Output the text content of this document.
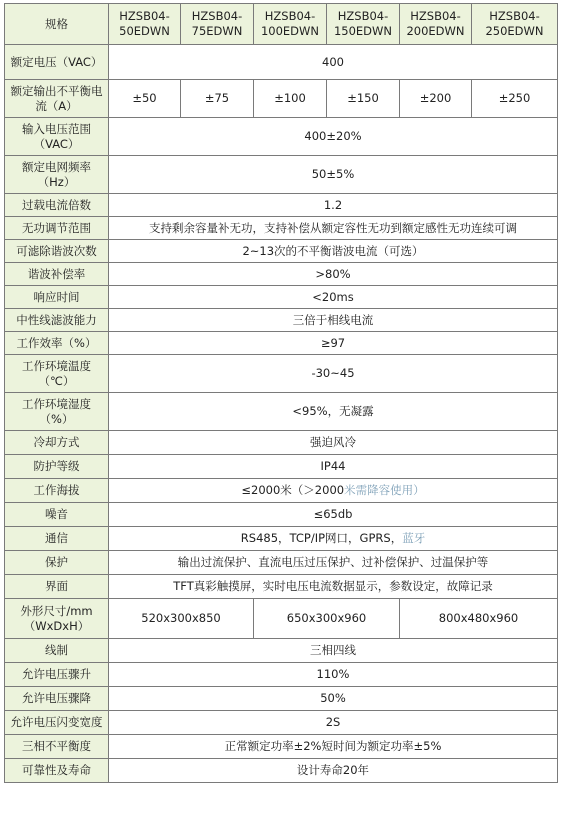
规格	HZSB04-50EDWN	HZSB04-75EDWN	HZSB04-100EDWN	HZSB04-150EDWN	HZSB04-200EDWN	HZSB04-250EDWN
额定电压（VAC）	400					
额定输出不平衡电流（A）	±50	±75	±100	±150	±200	±250
输入电压范围（VAC）	400±20%					
额定电网频率（Hz）	50±5%					
过载电流倍数	1.2					
无功调节范围	支持剩余容量补无功，支持补偿从额定容性无功到额定感性无功连续可调					
可滤除谐波次数	2~13次的不平衡谐波电流（可选）					
谐波补偿率	>80%					
响应时间	<20ms					
中性线滤波能力	三倍于相线电流					
工作效率（%）	≥97					
工作环境温度（℃）	-30~45					
工作环境湿度（%）	<95%，无凝露					
冷却方式	强迫风冷					
防护等级	IP44					
工作海拔	≤2000米（＞2000米需降容使用）					
噪音	≤65db					
通信	RS485，TCP/IP网口，GPRS，蓝牙					
保护	输出过流保护、直流电压过压保护、过补偿保护、过温保护等					
界面	TFT真彩触摸屏，实时电压电流数据显示，参数设定，故障记录					
外形尺寸/mm（WxDxH）	520x300x850		650x300x960		800x480x960	
线制	三相四线					
允许电压骤升	110%					
允许电压骤降	50%					
允许电压闪变宽度	2S					
三相不平衡度	正常额定功率±2%短时间为额定功率±5%					
可靠性及寿命	设计寿命20年					
